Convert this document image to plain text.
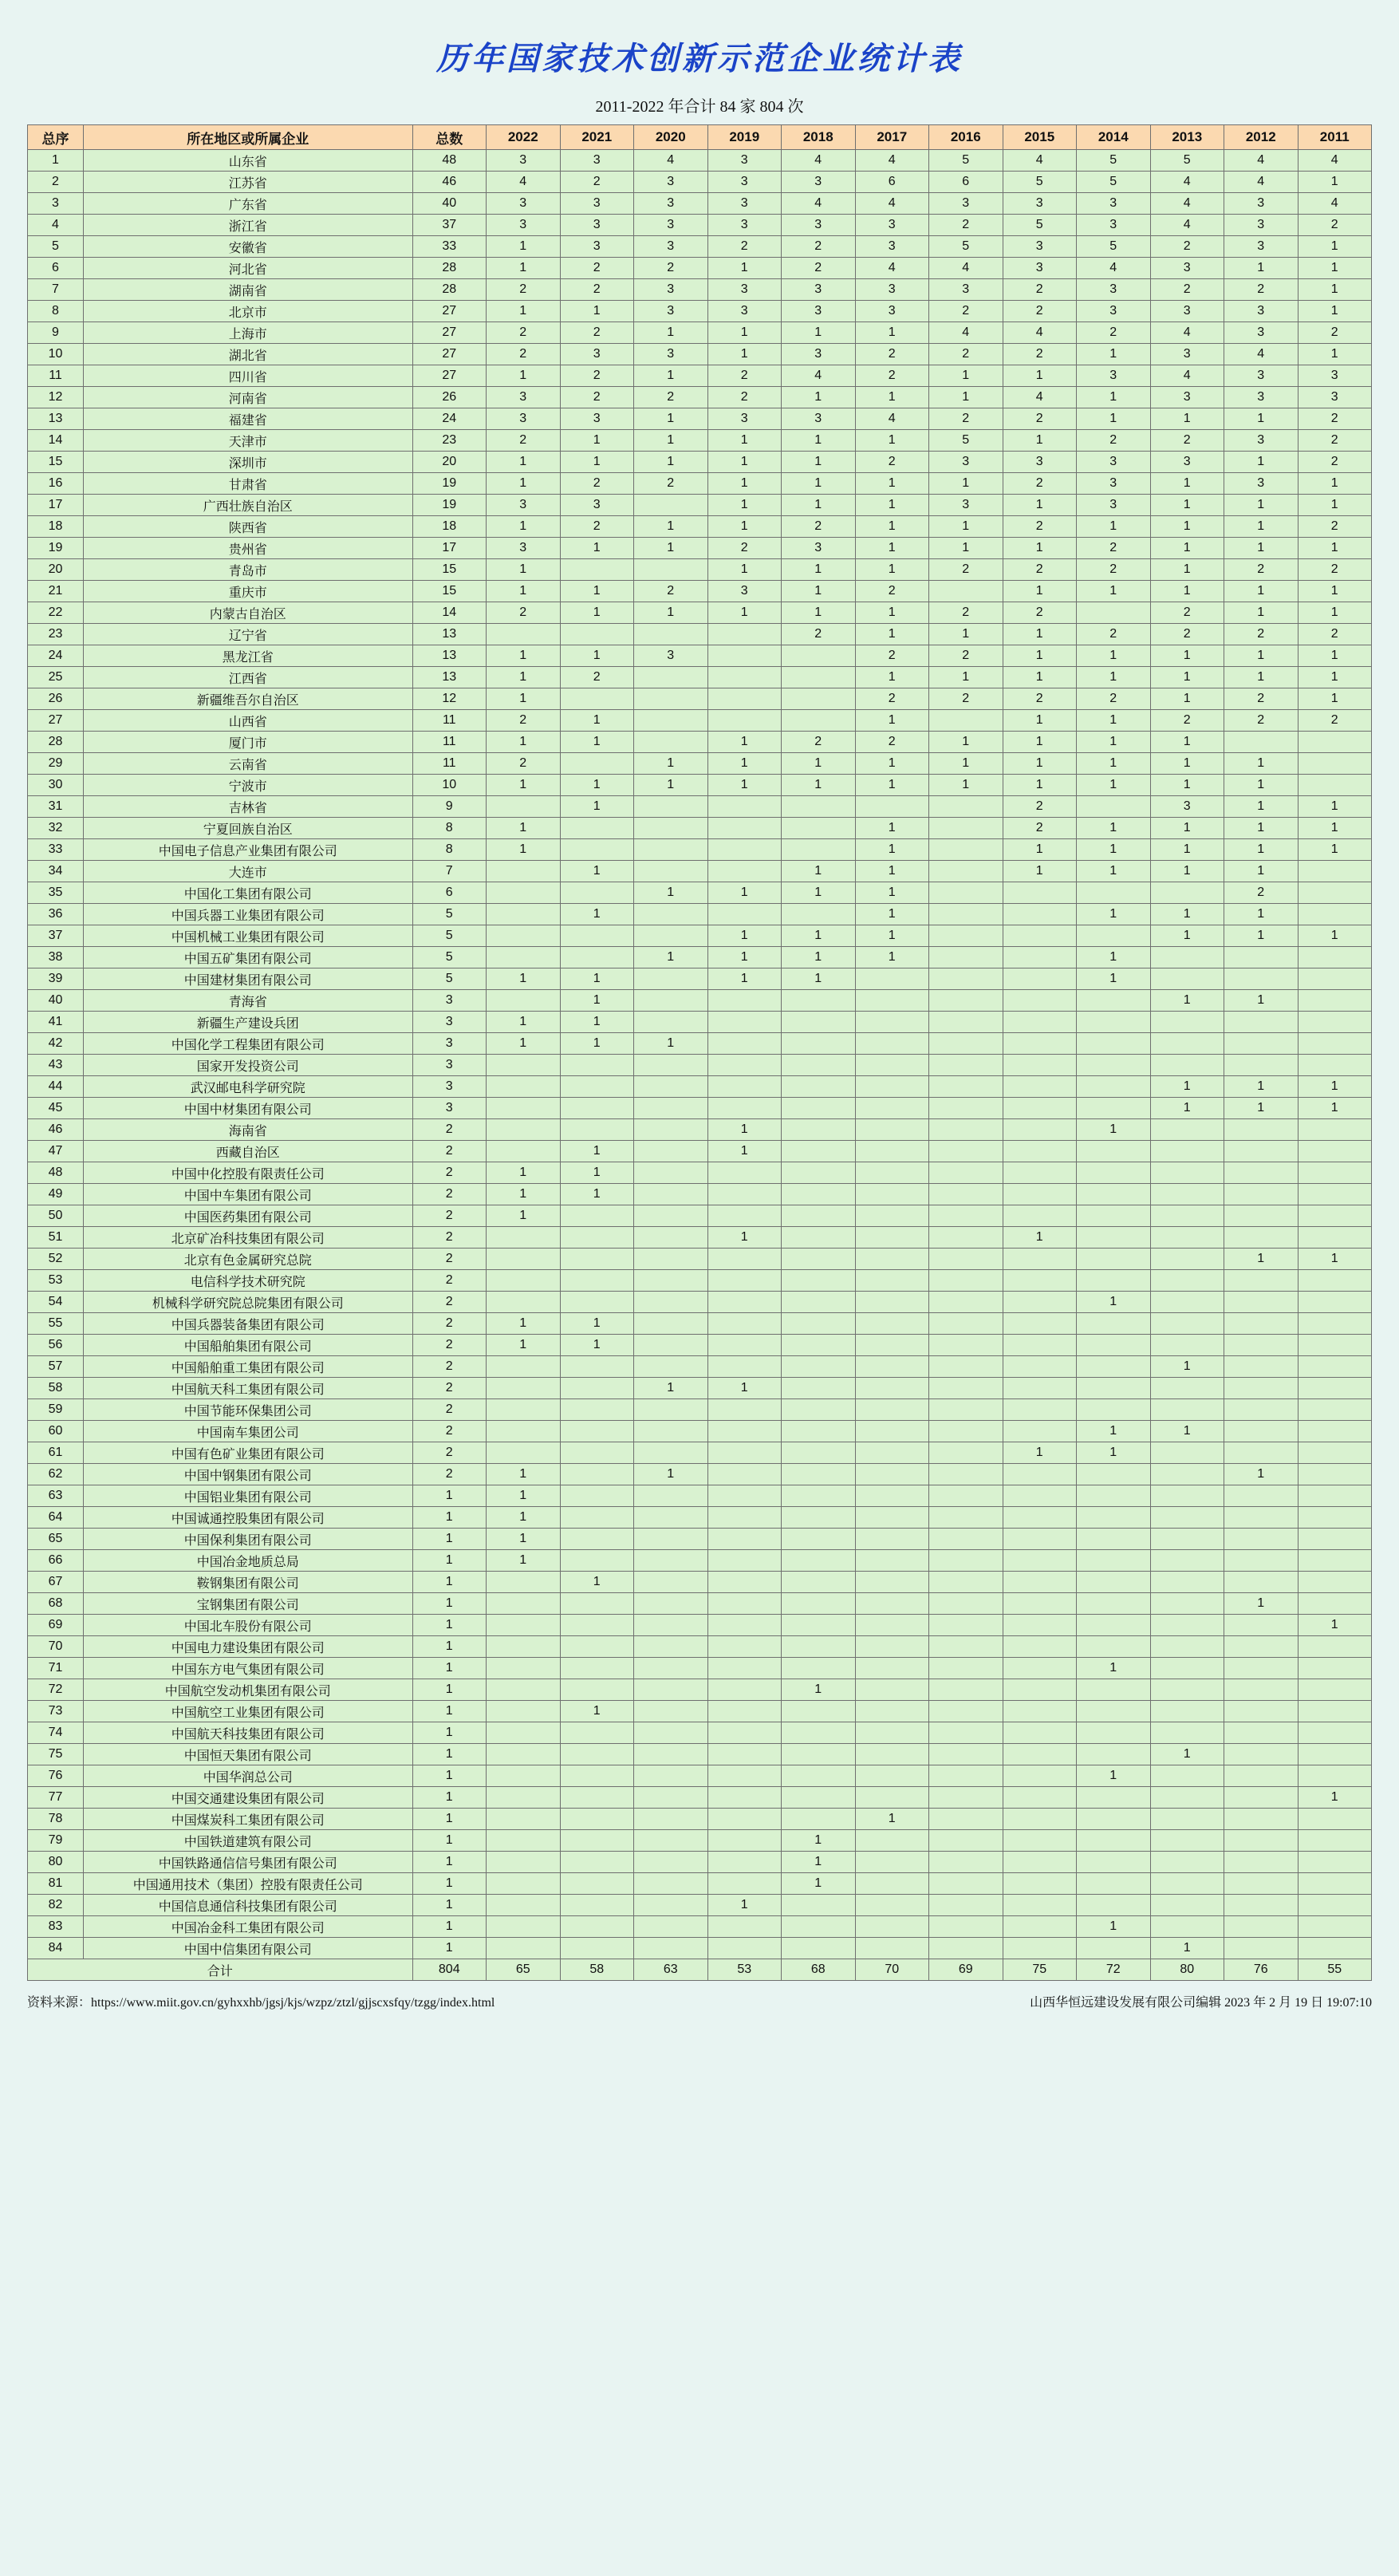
历年国家技术创新示范企业统计表
2011-2022 年合计 84 家 804 次
总序	所在地区或所属企业	总数	2022	2021	2020	2019	2018	2017	2016	2015	2014	2013	2012	2011
1	山东省	48	3	3	4	3	4	4	5	4	5	5	4	4
2	江苏省	46	4	2	3	3	3	6	6	5	5	4	4	1
3	广东省	40	3	3	3	3	4	4	3	3	3	4	3	4
4	浙江省	37	3	3	3	3	3	3	2	5	3	4	3	2
5	安徽省	33	1	3	3	2	2	3	5	3	5	2	3	1
6	河北省	28	1	2	2	1	2	4	4	3	4	3	1	1
7	湖南省	28	2	2	3	3	3	3	3	2	3	2	2	1
8	北京市	27	1	1	3	3	3	3	2	2	3	3	3	1
9	上海市	27	2	2	1	1	1	1	4	4	2	4	3	2
10	湖北省	27	2	3	3	1	3	2	2	2	1	3	4	1
11	四川省	27	1	2	1	2	4	2	1	1	3	4	3	3
12	河南省	26	3	2	2	2	1	1	1	4	1	3	3	3
13	福建省	24	3	3	1	3	3	4	2	2	1	1	1	2
14	天津市	23	2	1	1	1	1	1	5	1	2	2	3	2
15	深圳市	20	1	1	1	1	1	2	3	3	3	3	1	2
16	甘肃省	19	1	2	2	1	1	1	1	2	3	1	3	1
17	广西壮族自治区	19	3	3		1	1	1	3	1	3	1	1	1
18	陕西省	18	1	2	1	1	2	1	1	2	1	1	1	2
19	贵州省	17	3	1	1	2	3	1	1	1	2	1	1	1
20	青岛市	15	1			1	1	1	2	2	2	1	2	2
21	重庆市	15	1	1	2	3	1	2		1	1	1	1	1
22	内蒙古自治区	14	2	1	1	1	1	1	2	2		2	1	1
23	辽宁省	13					2	1	1	1	2	2	2	2
24	黑龙江省	13	1	1	3			2	2	1	1	1	1	1
25	江西省	13	1	2				1	1	1	1	1	1	1
26	新疆维吾尔自治区	12	1					2	2	2	2	1	2	1
27	山西省	11	2	1				1		1	1	2	2	2
28	厦门市	11	1	1		1	2	2	1	1	1	1		
29	云南省	11	2		1	1	1	1	1	1	1	1	1	
30	宁波市	10	1	1	1	1	1	1	1	1	1	1	1	
31	吉林省	9		1						2		3	1	1
32	宁夏回族自治区	8	1					1		2	1	1	1	1
33	中国电子信息产业集团有限公司	8	1					1		1	1	1	1	1
34	大连市	7		1			1	1		1	1	1	1	
35	中国化工集团有限公司	6			1	1	1	1					2	
36	中国兵器工业集团有限公司	5		1				1			1	1	1	
37	中国机械工业集团有限公司	5				1	1	1				1	1	1
38	中国五矿集团有限公司	5			1	1	1	1			1			
39	中国建材集团有限公司	5	1	1		1	1				1			
40	青海省	3		1								1	1	
41	新疆生产建设兵团	3	1	1										
42	中国化学工程集团有限公司	3	1	1	1									
43	国家开发投资公司	3												
44	武汉邮电科学研究院	3										1	1	1
45	中国中材集团有限公司	3										1	1	1
46	海南省	2				1					1			
47	西藏自治区	2		1		1								
48	中国中化控股有限责任公司	2	1	1										
49	中国中车集团有限公司	2	1	1										
50	中国医药集团有限公司	2	1											
51	北京矿冶科技集团有限公司	2				1				1				
52	北京有色金属研究总院	2											1	1
53	电信科学技术研究院	2												
54	机械科学研究院总院集团有限公司	2									1			
55	中国兵器装备集团有限公司	2	1	1										
56	中国船舶集团有限公司	2	1	1										
57	中国船舶重工集团有限公司	2										1		
58	中国航天科工集团有限公司	2			1	1								
59	中国节能环保集团公司	2												
60	中国南车集团公司	2									1	1		
61	中国有色矿业集团有限公司	2								1	1			
62	中国中钢集团有限公司	2	1		1								1	
63	中国铝业集团有限公司	1	1											
64	中国诚通控股集团有限公司	1	1											
65	中国保利集团有限公司	1	1											
66	中国冶金地质总局	1	1											
67	鞍钢集团有限公司	1		1										
68	宝钢集团有限公司	1											1	
69	中国北车股份有限公司	1												1
70	中国电力建设集团有限公司	1												
71	中国东方电气集团有限公司	1									1			
72	中国航空发动机集团有限公司	1					1							
73	中国航空工业集团有限公司	1		1										
74	中国航天科技集团有限公司	1												
75	中国恒天集团有限公司	1										1		
76	中国华润总公司	1									1			
77	中国交通建设集团有限公司	1												1
78	中国煤炭科工集团有限公司	1						1						
79	中国铁道建筑有限公司	1					1							
80	中国铁路通信信号集团有限公司	1					1							
81	中国通用技术（集团）控股有限责任公司	1					1							
82	中国信息通信科技集团有限公司	1				1								
83	中国冶金科工集团有限公司	1									1			
84	中国中信集团有限公司	1										1		
合计		804	65	58	63	53	68	70	69	75	72	80	76	55
资料来源：https://www.miit.gov.cn/gyhxxhb/jgsj/kjs/wzpz/ztzl/gjjscxsfqy/tzgg/index.html	山西华恒远建设发展有限公司编辑 2023 年 2 月 19 日 19:07:10
